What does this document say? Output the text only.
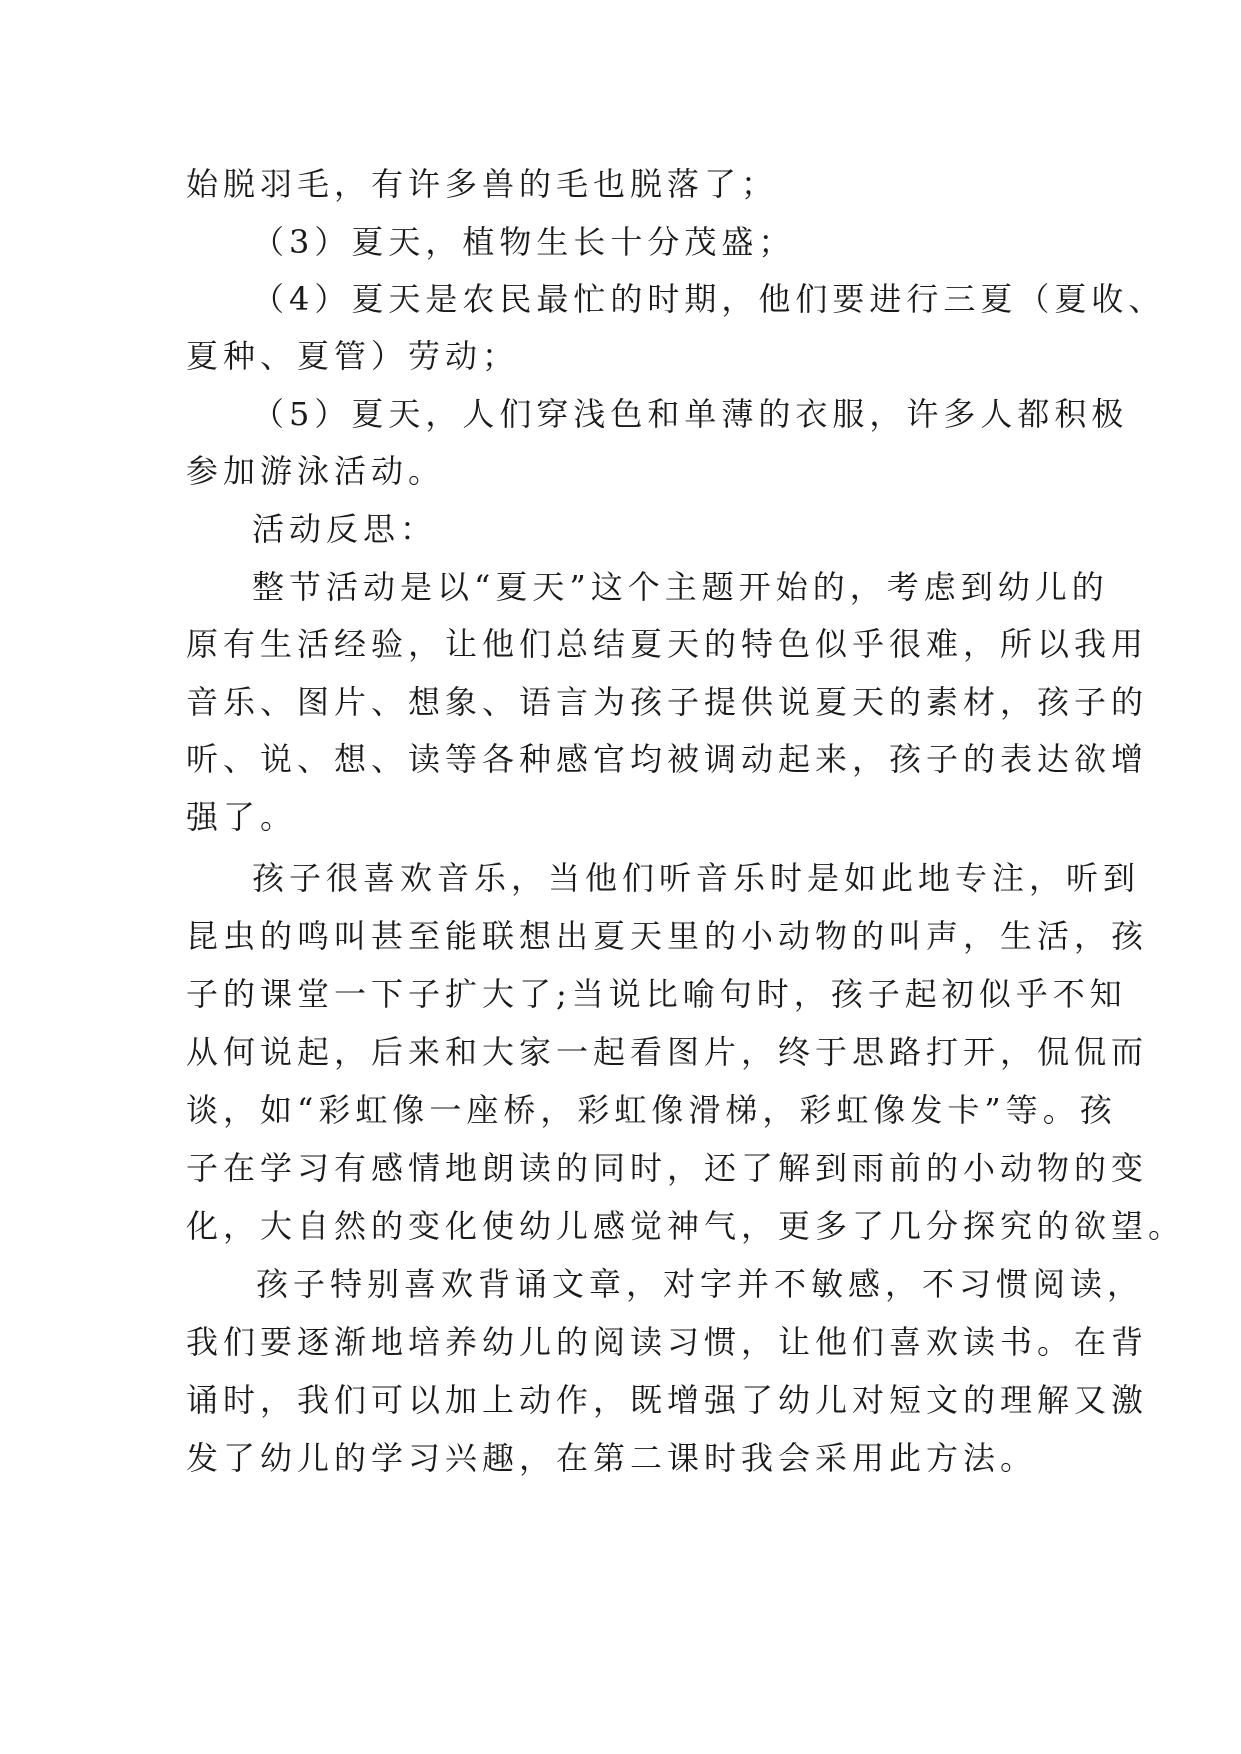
始脱羽毛，有许多兽的毛也脱落了；
（3）夏天，植物生长十分茂盛；
（4）夏天是农民最忙的时期，他们要进行三夏（夏收、
夏种、夏管）劳动；
（5）夏天，人们穿浅色和单薄的衣服，许多人都积极
参加游泳活动。
活动反思：
整节活动是以“夏天”这个主题开始的，考虑到幼儿的
原有生活经验，让他们总结夏天的特色似乎很难，所以我用
音乐、图片、想象、语言为孩子提供说夏天的素材，孩子的
听、说、想、读等各种感官均被调动起来，孩子的表达欲增
强了。
孩子很喜欢音乐，当他们听音乐时是如此地专注，听到
昆虫的鸣叫甚至能联想出夏天里的小动物的叫声，生活，孩
子的课堂一下子扩大了;当说比喻句时，孩子起初似乎不知
从何说起，后来和大家一起看图片，终于思路打开，侃侃而
谈，如“彩虹像一座桥，彩虹像滑梯，彩虹像发卡”等。孩
子在学习有感情地朗读的同时，还了解到雨前的小动物的变
化，大自然的变化使幼儿感觉神气，更多了几分探究的欲望。
孩子特别喜欢背诵文章，对字并不敏感，不习惯阅读，
我们要逐渐地培养幼儿的阅读习惯，让他们喜欢读书。在背
诵时，我们可以加上动作，既增强了幼儿对短文的理解又激
发了幼儿的学习兴趣，在第二课时我会采用此方法。
